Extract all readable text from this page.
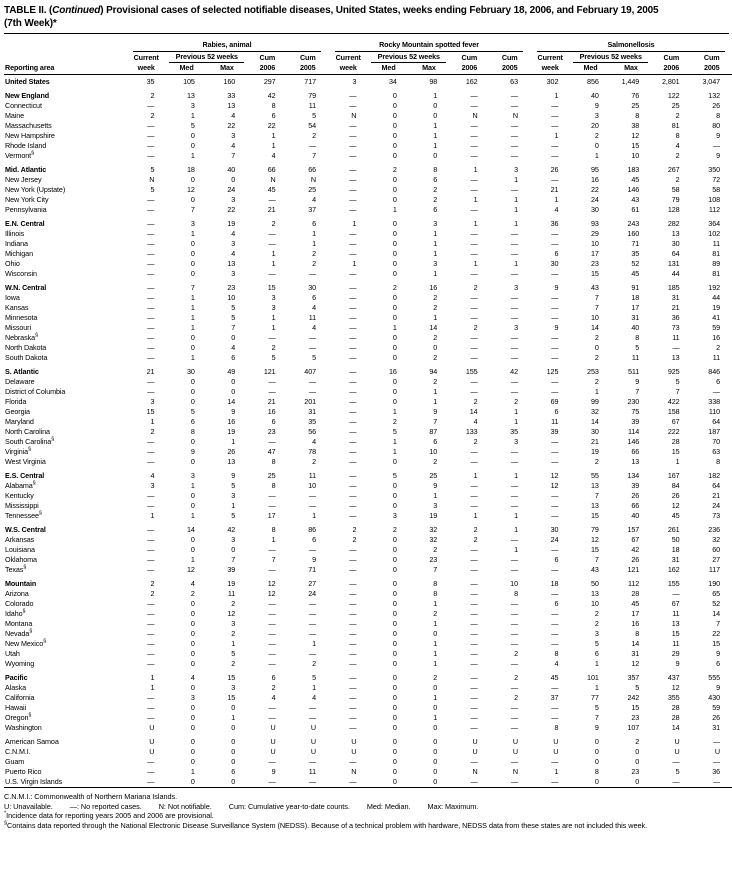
TABLE II. (Continued) Provisional cases of selected notifiable diseases, United States, weeks ending February 18, 2006, and February 19, 2005
(7th Week)*
Reporting area	Rabies, animal					Rocky Mountain spotted fever					Salmonellosis				

	Current	Previous 52 weeks		Cum	Cum	Current	Previous 52 weeks		Cum	Cum	Current	Previous 52 weeks		Cum	Cum
	week	Med	Max	2006	2005	week	Med	Max	2006	2005	week	Med	Max	2006	2005
United States	35	105	160	297	717	3	34	98	162	63	302	856	1,449	2,801	3,047

New England	2	13	33	42	79	—	0	1	—	—	1	40	76	122	132
Connecticut	—	3	13	8	11	—	0	0	—	—	—	9	25	25	26
Maine	2	1	4	6	5	N	0	0	N	N	—	3	8	2	8
Massachusetts	—	5	22	22	54	—	0	1	—	—	—	20	38	81	80
New Hampshire	—	0	3	1	2	—	0	1	—	—	1	2	12	8	9
Rhode Island	—	0	4	1	—	—	0	1	—	—	—	0	15	4	—
Vermont§	—	1	7	4	7	—	0	0	—	—	—	1	10	2	9

Mid. Atlantic	5	18	40	66	66	—	2	8	1	3	26	95	183	267	350
New Jersey	N	0	0	N	N	—	0	6	—	1	—	16	45	2	72
New York (Upstate)	5	12	24	45	25	—	0	2	—	—	21	22	146	58	58
New York City	—	0	3	—	4	—	0	2	1	1	1	24	43	79	108
Pennsylvania	—	7	22	21	37	—	1	6	—	1	4	30	61	128	112

E.N. Central	—	3	19	2	6	1	0	3	1	1	36	93	243	282	364
Illinois	—	1	4	—	1	—	0	1	—	—	—	29	160	13	102
Indiana	—	0	3	—	1	—	0	1	—	—	—	10	71	30	11
Michigan	—	0	4	1	2	—	0	1	—	—	6	17	35	64	81
Ohio	—	0	13	1	2	1	0	3	1	1	30	23	52	131	89
Wisconsin	—	0	3	—	—	—	0	1	—	—	—	15	45	44	81

W.N. Central	—	7	23	15	30	—	2	16	2	3	9	43	91	185	192
Iowa	—	1	10	3	6	—	0	2	—	—	—	7	18	31	44
Kansas	—	1	5	3	4	—	0	2	—	—	—	7	17	21	19
Minnesota	—	1	5	1	11	—	0	1	—	—	—	10	31	36	41
Missouri	—	1	7	1	4	—	1	14	2	3	9	14	40	73	59
Nebraska§	—	0	0	—	—	—	0	2	—	—	—	2	8	11	16
North Dakota	—	0	4	2	—	—	0	0	—	—	—	0	5	—	2
South Dakota	—	1	6	5	5	—	0	2	—	—	—	2	11	13	11

S. Atlantic	21	30	49	121	407	—	16	94	155	42	125	253	511	925	846
Delaware	—	0	0	—	—	—	0	2	—	—	—	2	9	5	6
District of Columbia	—	0	0	—	—	—	0	1	—	—	—	1	7	7	—
Florida	3	0	14	21	201	—	0	1	2	2	69	99	230	422	338
Georgia	15	5	9	16	31	—	1	9	14	1	6	32	75	158	110
Maryland	1	6	16	6	35	—	2	7	4	1	11	14	39	67	64
North Carolina	2	8	19	23	56	—	5	87	133	35	39	30	114	222	187
South Carolina§	—	0	1	—	4	—	1	6	2	3	—	21	146	28	70
Virginia§	—	9	26	47	78	—	1	10	—	—	—	19	66	15	63
West Virginia	—	0	13	8	2	—	0	2	—	—	—	2	13	1	8

E.S. Central	4	3	9	25	11	—	5	25	1	1	12	55	134	167	182
Alabama§	3	1	5	8	10	—	0	9	—	—	12	13	39	84	64
Kentucky	—	0	3	—	—	—	0	1	—	—	—	7	26	26	21
Mississippi	—	0	1	—	—	—	0	3	—	—	—	13	66	12	24
Tennessee§	1	1	5	17	1	—	3	19	1	1	—	15	40	45	73

W.S. Central	—	14	42	8	86	2	2	32	2	1	30	79	157	261	236
Arkansas	—	0	3	1	6	2	0	32	2	—	24	12	67	50	32
Louisiana	—	0	0	—	—	—	0	2	—	1	—	15	42	18	60
Oklahoma	—	1	7	7	9	—	0	23	—	—	6	7	26	31	27
Texas§	—	12	39	—	71	—	0	7	—	—	—	43	121	162	117

Mountain	2	4	19	12	27	—	0	8	—	10	18	50	112	155	190
Arizona	2	2	11	12	24	—	0	8	—	8	—	13	28	—	65
Colorado	—	0	2	—	—	—	0	1	—	—	6	10	45	67	52
Idaho§	—	0	12	—	—	—	0	2	—	—	—	2	17	11	14
Montana	—	0	3	—	—	—	0	1	—	—	—	2	16	13	7
Nevada§	—	0	2	—	—	—	0	0	—	—	—	3	8	15	22
New Mexico§	—	0	1	—	1	—	0	1	—	—	—	5	14	11	15
Utah	—	0	5	—	—	—	0	1	—	2	8	6	31	29	9
Wyoming	—	0	2	—	2	—	0	1	—	—	4	1	12	9	6

Pacific	1	4	15	6	5	—	0	2	—	2	45	101	357	437	555
Alaska	1	0	3	2	1	—	0	0	—	—	—	1	5	12	9
California	—	3	15	4	4	—	0	1	—	2	37	77	242	355	430
Hawaii	—	0	0	—	—	—	0	0	—	—	—	5	15	28	59
Oregon§	—	0	1	—	—	—	0	1	—	—	—	7	23	28	26
Washington	U	0	0	U	U	—	0	0	—	—	8	9	107	14	31

American Samoa	U	0	0	U	U	U	0	0	U	U	U	0	2	U	—
C.N.M.I.	U	0	0	U	U	U	0	0	U	U	U	0	0	U	U
Guam	—	0	0	—	—	—	0	0	—	—	—	0	0	—	—
Puerto Rico	—	1	6	9	11	N	0	0	N	N	1	8	23	5	36
U.S. Virgin Islands	—	0	0	—	—	—	0	0	—	—	—	0	0	—	—
C.N.M.I.: Commonwealth of Northern Mariana Islands.
U: Unavailable. —: No reported cases. N: Not notifiable. Cum: Cumulative year-to-date counts. Med: Median. Max: Maximum.
*Incidence data for reporting years 2005 and 2006 are provisional.
§Contains data reported through the National Electronic Disease Surveillance System (NEDSS). Because of a technical problem with hardware, NEDSS data from these states are not included this week.
